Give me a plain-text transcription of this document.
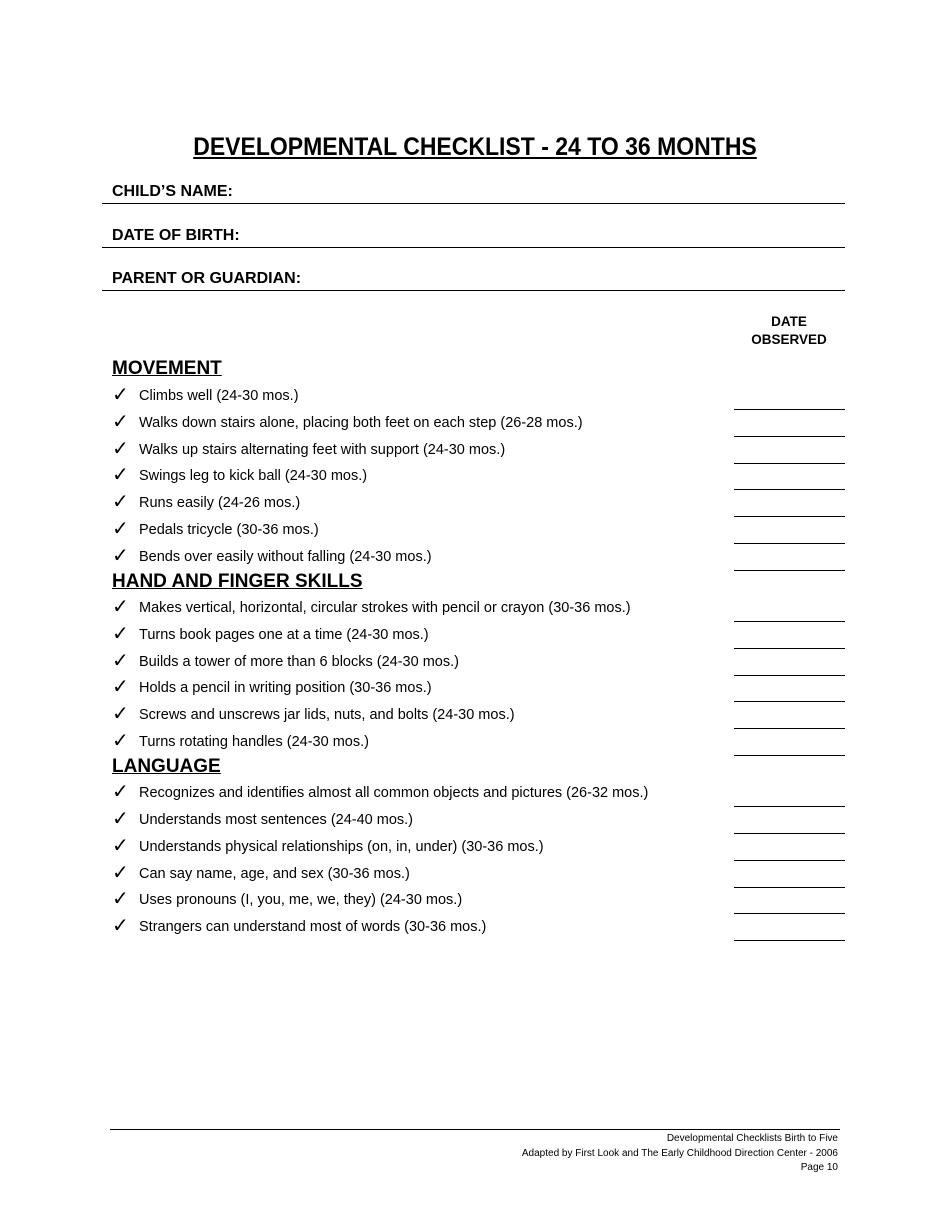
DEVELOPMENTAL CHECKLIST - 24 TO 36 MONTHS
CHILD’S NAME:
DATE OF BIRTH:
PARENT OR GUARDIAN:
DATE
OBSERVED
MOVEMENT
✓ Climbs well (24-30 mos.)
✓ Walks down stairs alone, placing both feet on each step (26-28 mos.)
✓ Walks up stairs alternating feet with support (24-30 mos.)
✓ Swings leg to kick ball (24-30 mos.)
✓ Runs easily (24-26 mos.)
✓ Pedals tricycle (30-36 mos.)
✓ Bends over easily without falling (24-30 mos.)
HAND AND FINGER SKILLS
✓ Makes vertical, horizontal, circular strokes with pencil or crayon (30-36 mos.)
✓ Turns book pages one at a time (24-30 mos.)
✓ Builds a tower of more than 6 blocks (24-30 mos.)
✓ Holds a pencil in writing position (30-36 mos.)
✓ Screws and unscrews jar lids, nuts, and bolts (24-30 mos.)
✓ Turns rotating handles (24-30 mos.)
LANGUAGE
✓ Recognizes and identifies almost all common objects and pictures (26-32 mos.)
✓ Understands most sentences (24-40 mos.)
✓ Understands physical relationships (on, in, under) (30-36 mos.)
✓ Can say name, age, and sex (30-36 mos.)
✓ Uses pronouns (I, you, me, we, they) (24-30 mos.)
✓ Strangers can understand most of words (30-36 mos.)
Developmental Checklists Birth to Five
Adapted by First Look and The Early Childhood Direction Center - 2006
Page 10
